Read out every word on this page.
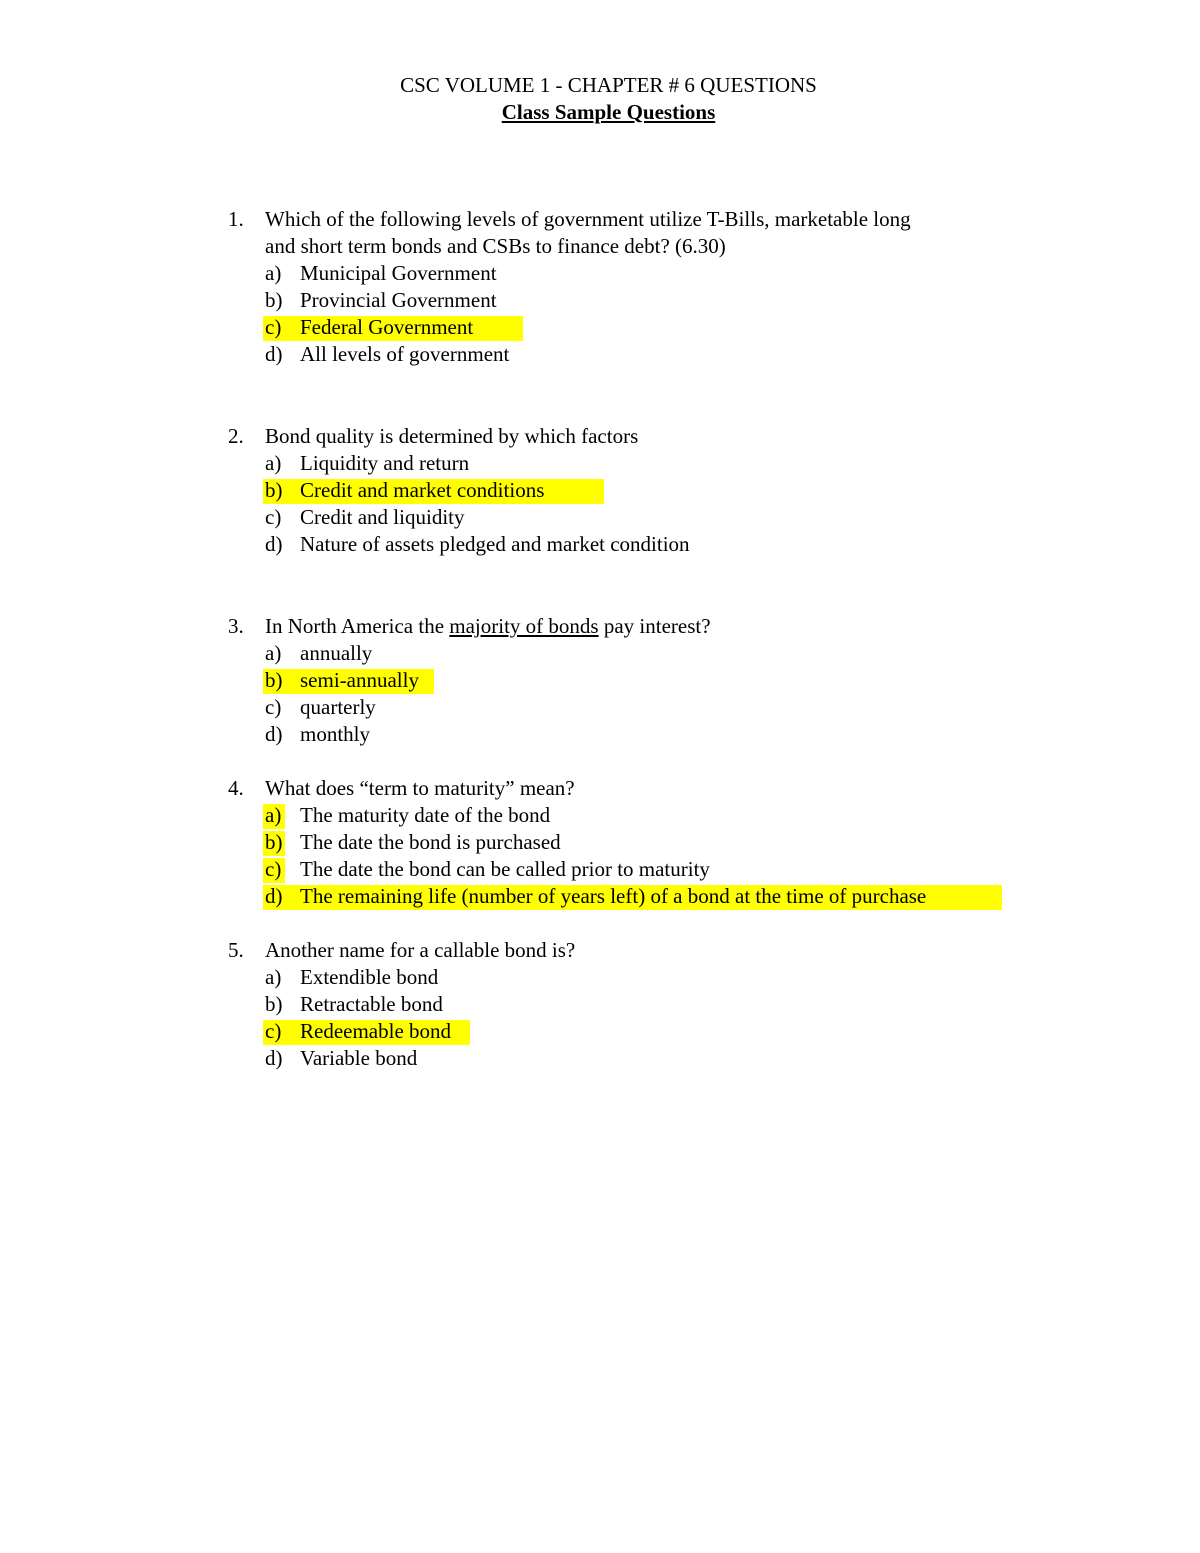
CSC VOLUME 1 - CHAPTER # 6 QUESTIONS
Class Sample Questions
1. Which of the following levels of government utilize T-Bills, marketable long
and short term bonds and CSBs to finance debt? (6.30)
a) Municipal Government
b) Provincial Government
c) Federal Government
d) All levels of government
2. Bond quality is determined by which factors
a) Liquidity and return
b) Credit and market conditions
c) Credit and liquidity
d) Nature of assets pledged and market condition
3. In North America the majority of bonds pay interest?
a) annually
b) semi-annually
c) quarterly
d) monthly
4. What does “term to maturity” mean?
a) The maturity date of the bond
b) The date the bond is purchased
c) The date the bond can be called prior to maturity
d) The remaining life (number of years left) of a bond at the time of purchase
5. Another name for a callable bond is?
a) Extendible bond
b) Retractable bond
c) Redeemable bond
d) Variable bond
